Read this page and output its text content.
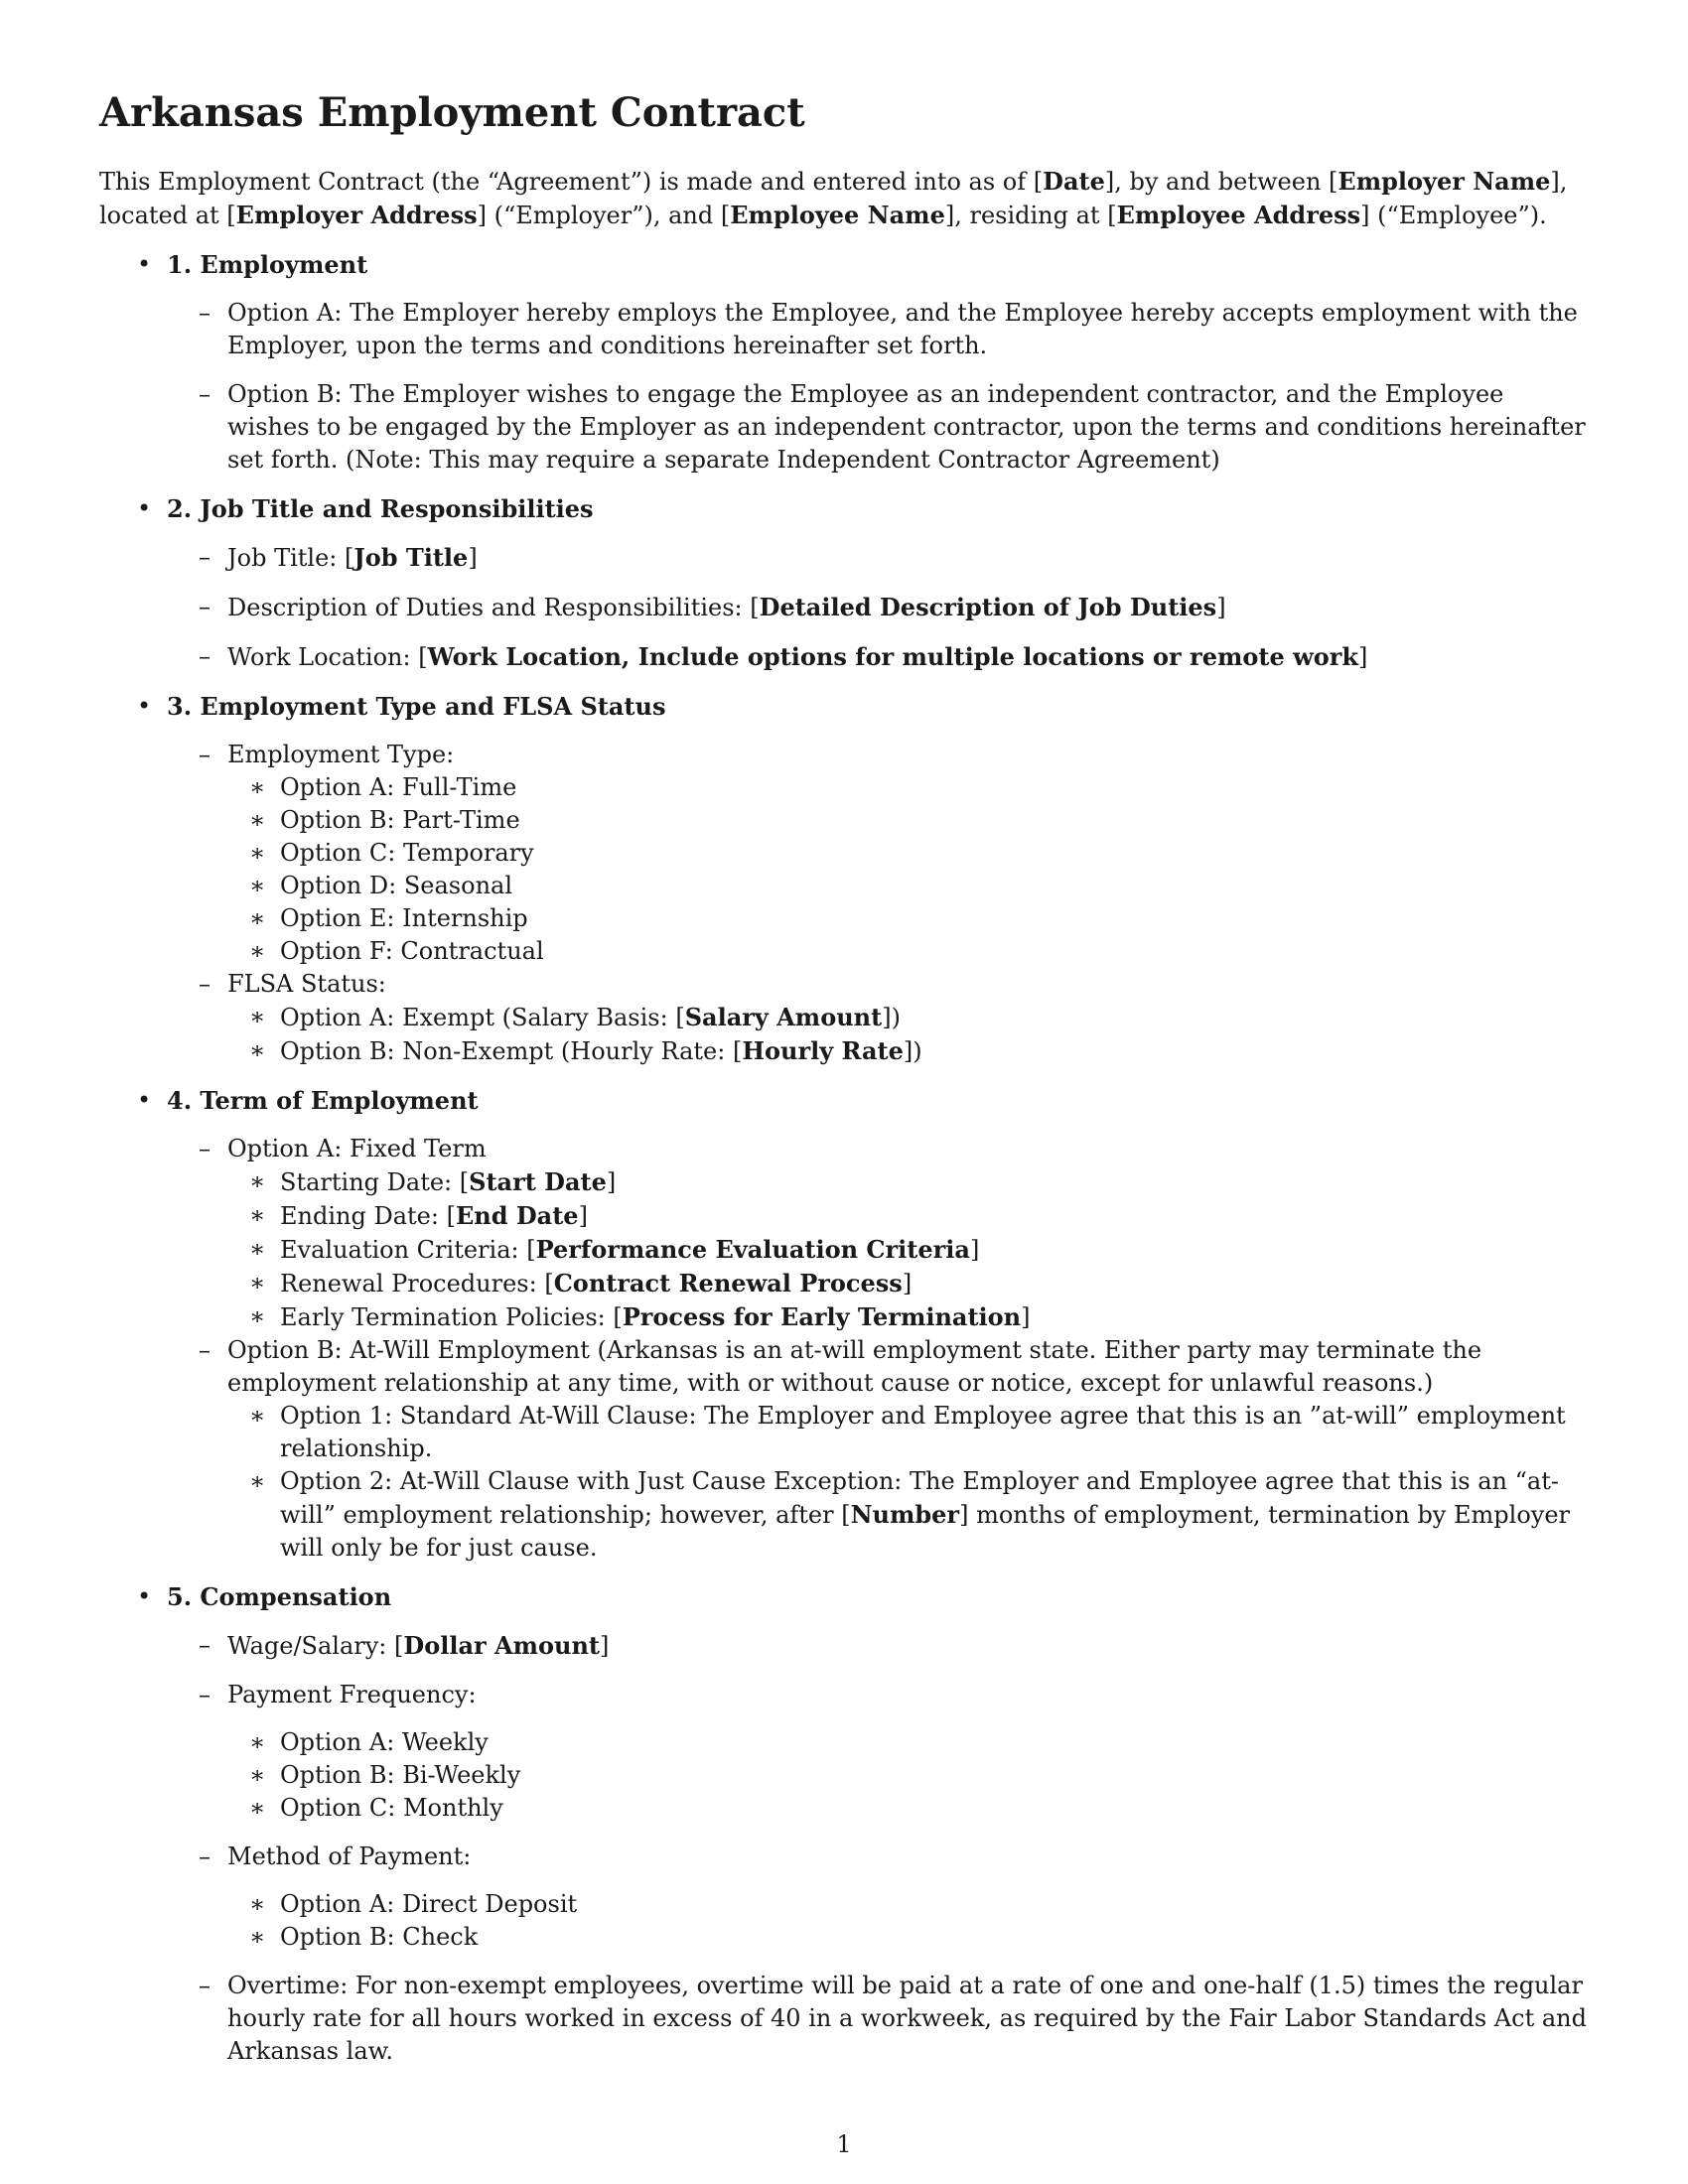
Arkansas Employment Contract

This Employment Contract (the “Agreement”) is made and entered into as of [Date], by and between [Employer Name], located at [Employer Address] (“Employer”), and [Employee Name], residing at [Employee Address] (“Employee”).

• 1. Employment
– Option A: The Employer hereby employs the Employee, and the Employee hereby accepts employment with the Employer, upon the terms and conditions hereinafter set forth.
– Option B: The Employer wishes to engage the Employee as an independent contractor, and the Employee wishes to be engaged by the Employer as an independent contractor, upon the terms and conditions hereinafter set forth. (Note: This may require a separate Independent Contractor Agreement)
• 2. Job Title and Responsibilities
– Job Title: [Job Title]
– Description of Duties and Responsibilities: [Detailed Description of Job Duties]
– Work Location: [Work Location, Include options for multiple locations or remote work]
• 3. Employment Type and FLSA Status
– Employment Type:
∗ Option A: Full-Time
∗ Option B: Part-Time
∗ Option C: Temporary
∗ Option D: Seasonal
∗ Option E: Internship
∗ Option F: Contractual
– FLSA Status:
∗ Option A: Exempt (Salary Basis: [Salary Amount])
∗ Option B: Non-Exempt (Hourly Rate: [Hourly Rate])
• 4. Term of Employment
– Option A: Fixed Term
∗ Starting Date: [Start Date]
∗ Ending Date: [End Date]
∗ Evaluation Criteria: [Performance Evaluation Criteria]
∗ Renewal Procedures: [Contract Renewal Process]
∗ Early Termination Policies: [Process for Early Termination]
– Option B: At-Will Employment (Arkansas is an at-will employment state. Either party may terminate the employment relationship at any time, with or without cause or notice, except for unlawful reasons.)
∗ Option 1: Standard At-Will Clause: The Employer and Employee agree that this is an ”at-will” employment relationship.
∗ Option 2: At-Will Clause with Just Cause Exception: The Employer and Employee agree that this is an “at-will” employment relationship; however, after [Number] months of employment, termination by Employer will only be for just cause.
• 5. Compensation
– Wage/Salary: [Dollar Amount]
– Payment Frequency:
∗ Option A: Weekly
∗ Option B: Bi-Weekly
∗ Option C: Monthly
– Method of Payment:
∗ Option A: Direct Deposit
∗ Option B: Check
– Overtime: For non-exempt employees, overtime will be paid at a rate of one and one-half (1.5) times the regular hourly rate for all hours worked in excess of 40 in a workweek, as required by the Fair Labor Standards Act and Arkansas law.
1
